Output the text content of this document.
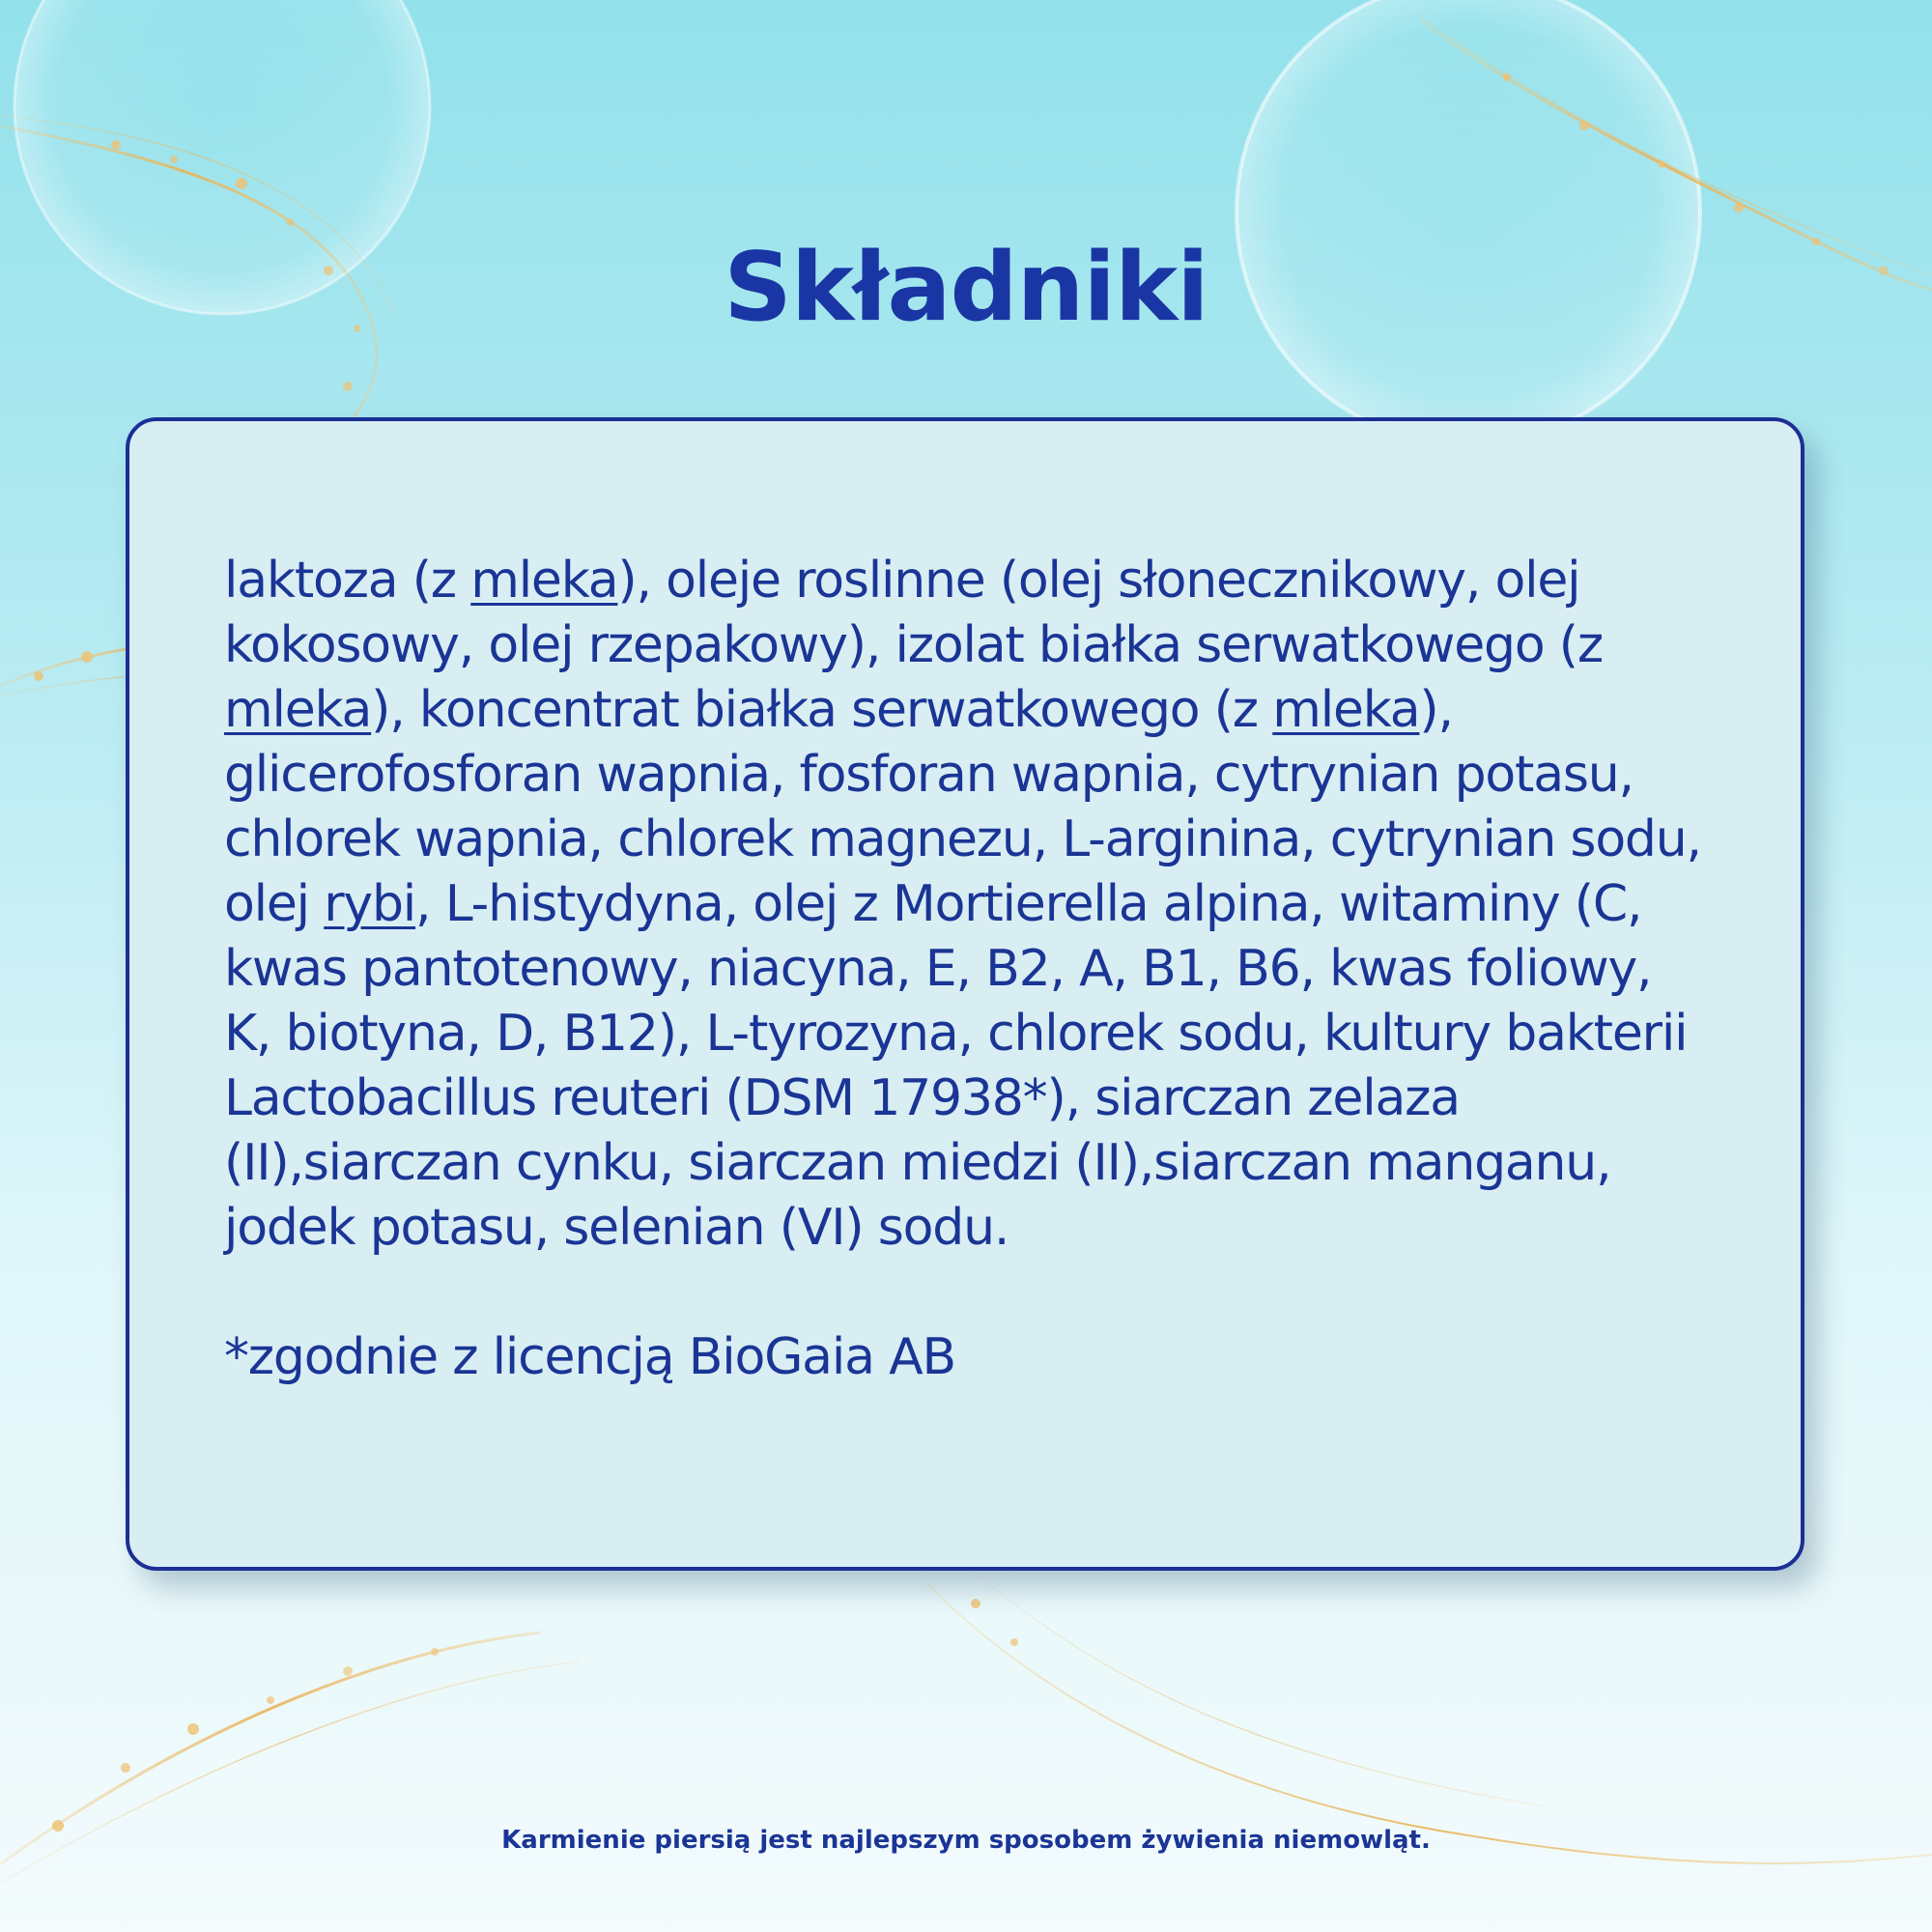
Składniki

laktoza (z mleka), oleje roslinne (olej słonecznikowy, olej kokosowy, olej rzepakowy), izolat białka serwatkowego (z mleka), koncentrat białka serwatkowego (z mleka), glicerofosforan wapnia, fosforan wapnia, cytrynian potasu, chlorek wapnia, chlorek magnezu, L-arginina, cytrynian sodu, olej rybi, L-histydyna, olej z Mortierella alpina, witaminy (C, kwas pantotenowy, niacyna, E, B2, A, B1, B6, kwas foliowy, K, biotyna, D, B12), L-tyrozyna, chlorek sodu, kultury bakterii Lactobacillus reuteri (DSM 17938*), siarczan zelaza (II),siarczan cynku, siarczan miedzi (II),siarczan manganu, jodek potasu, selenian (VI) sodu.

*zgodnie z licencją BioGaia AB

Karmienie piersią jest najlepszym sposobem żywienia niemowląt.
